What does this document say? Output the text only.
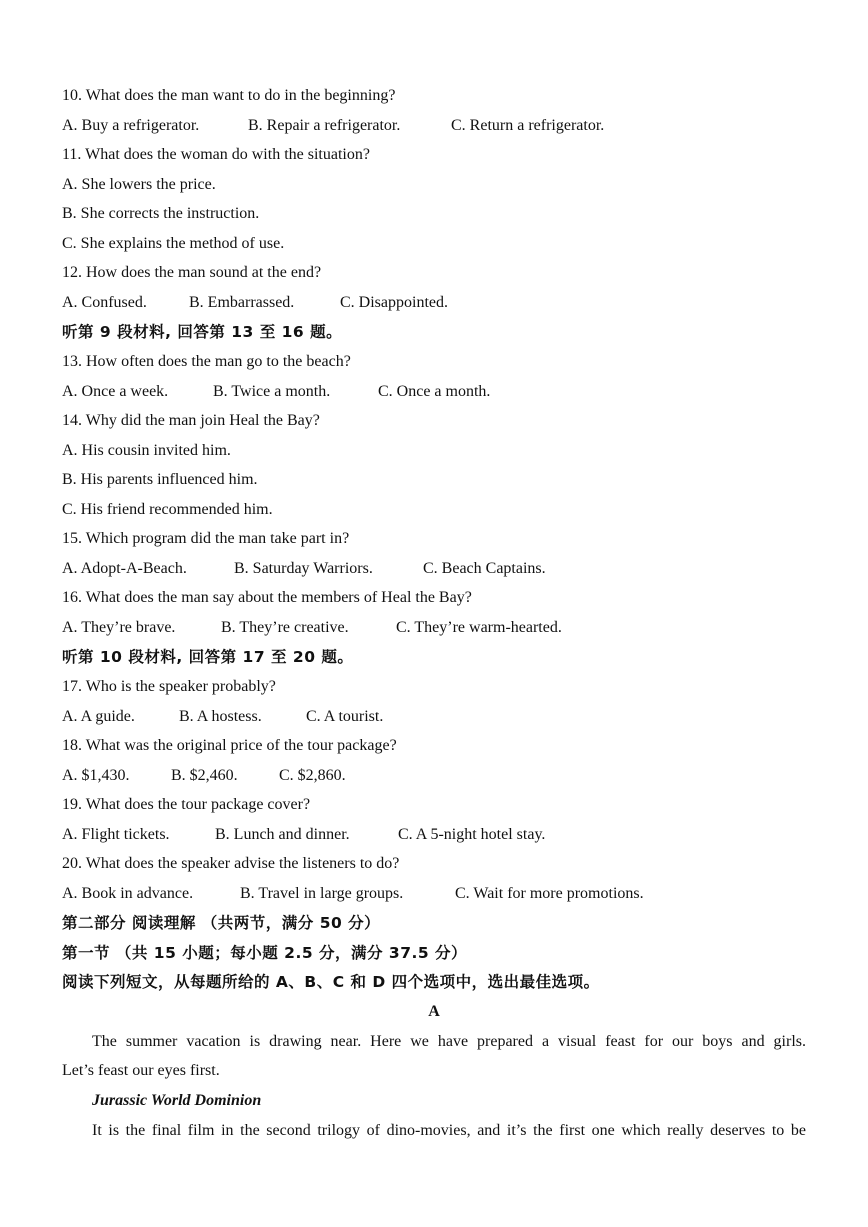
10. What does the man want to do in the beginning?
A. Buy a refrigerator.	B. Repair a refrigerator.	C. Return a refrigerator.
11. What does the woman do with the situation?
A. She lowers the price.
B. She corrects the instruction.
C. She explains the method of use.
12. How does the man sound at the end?
A. Confused.	B. Embarrassed.	C. Disappointed.
听第 9 段材料, 回答第 13 至 16 题。
13. How often does the man go to the beach?
A. Once a week.	B. Twice a month.	C. Once a month.
14. Why did the man join Heal the Bay?
A. His cousin invited him.
B. His parents influenced him.
C. His friend recommended him.
15. Which program did the man take part in?
A. Adopt-A-Beach.	B. Saturday Warriors.	C. Beach Captains.
16. What does the man say about the members of Heal the Bay?
A. They’re brave.	B. They’re creative.	C. They’re warm-hearted.
听第 10 段材料, 回答第 17 至 20 题。
17. Who is the speaker probably?
A. A guide.	B. A hostess.	C. A tourist.
18. What was the original price of the tour package?
A. $1,430.	B. $2,460.	C. $2,860.
19. What does the tour package cover?
A. Flight tickets.	B. Lunch and dinner.	C. A 5-night hotel stay.
20. What does the speaker advise the listeners to do?
A. Book in advance.	B. Travel in large groups.	C. Wait for more promotions.
第二部分 阅读理解 （共两节，满分 50 分）
第一节 （共 15 小题；每小题 2.5 分，满分 37.5 分）
阅读下列短文，从每题所给的 A、B、C 和 D 四个选项中，选出最佳选项。
A
The summer vacation is drawing near. Here we have prepared a visual feast for our boys and girls.
Let’s feast our eyes first.
Jurassic World Dominion
It is the final film in the second trilogy of dino-movies, and it’s the first one which really deserves to be
